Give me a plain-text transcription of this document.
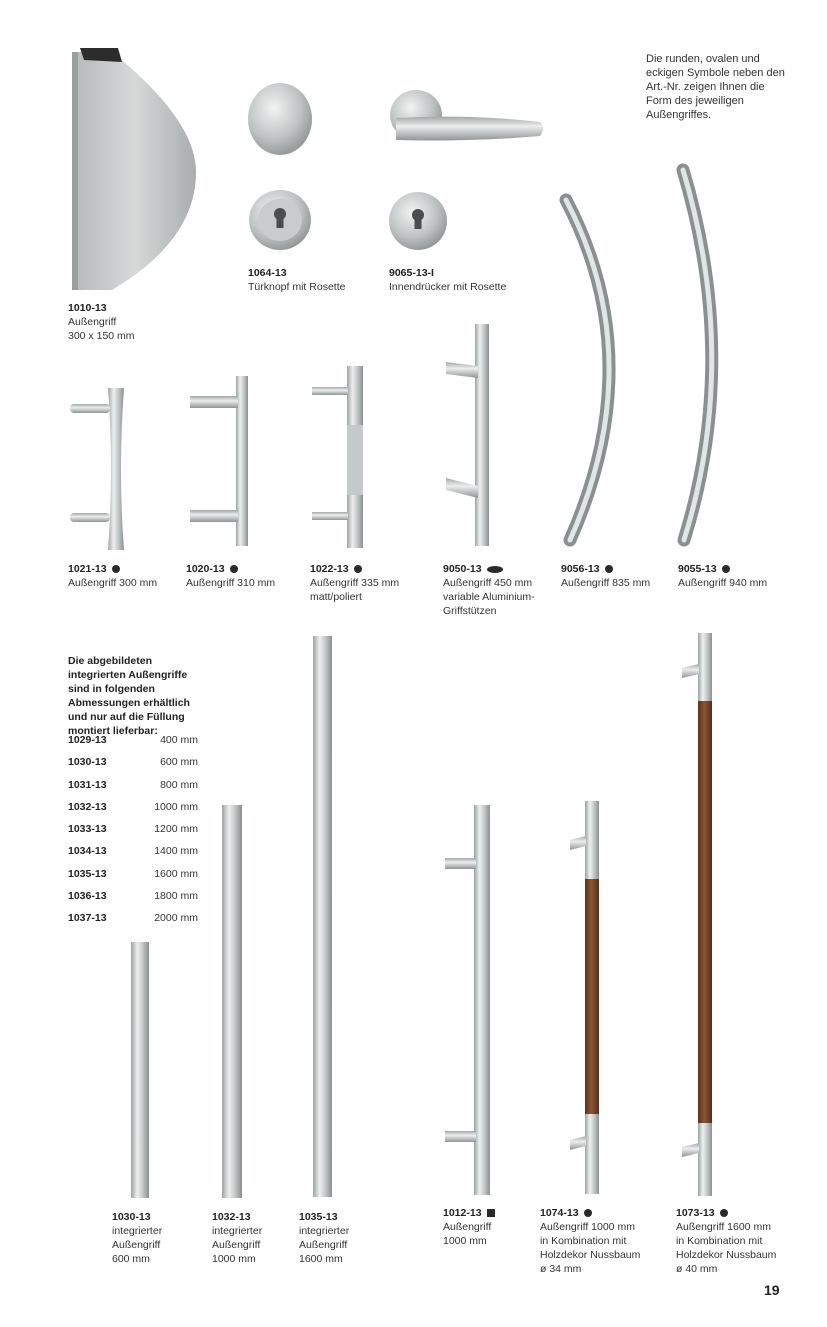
Die runden, ovalen und eckigen Symbole neben den Art.-Nr. zeigen Ihnen die Form des jeweiligen Außengriffes.
1010-13
Außengriff
300 x 150 mm
1064-13
Türknopf mit Rosette
9065-13-I
Innendrücker mit Rosette
1021-13
Außengriff 300 mm
1020-13
Außengriff 310 mm
1022-13
Außengriff 335 mm
matt/poliert
9050-13
Außengriff 450 mm
variable Aluminium-
Griffstützen
9056-13
Außengriff 835 mm
9055-13
Außengriff 940 mm
Die abgebildeten integrierten Außengriffe sind in folgenden Abmessungen erhältlich und nur auf die Füllung montiert lieferbar:
1029-13	400 mm
1030-13	600 mm
1031-13	800 mm
1032-13	1000 mm
1033-13	1200 mm
1034-13	1400 mm
1035-13	1600 mm
1036-13	1800 mm
1037-13	2000 mm
1030-13
integrierter
Außengriff
600 mm
1032-13
integrierter
Außengriff
1000 mm
1035-13
integrierter
Außengriff
1600 mm
1012-13
Außengriff
1000 mm
1074-13
Außengriff 1000 mm
in Kombination mit
Holzdekor Nussbaum
ø 34 mm
1073-13
Außengriff 1600 mm
in Kombination mit
Holzdekor Nussbaum
ø 40 mm
19
